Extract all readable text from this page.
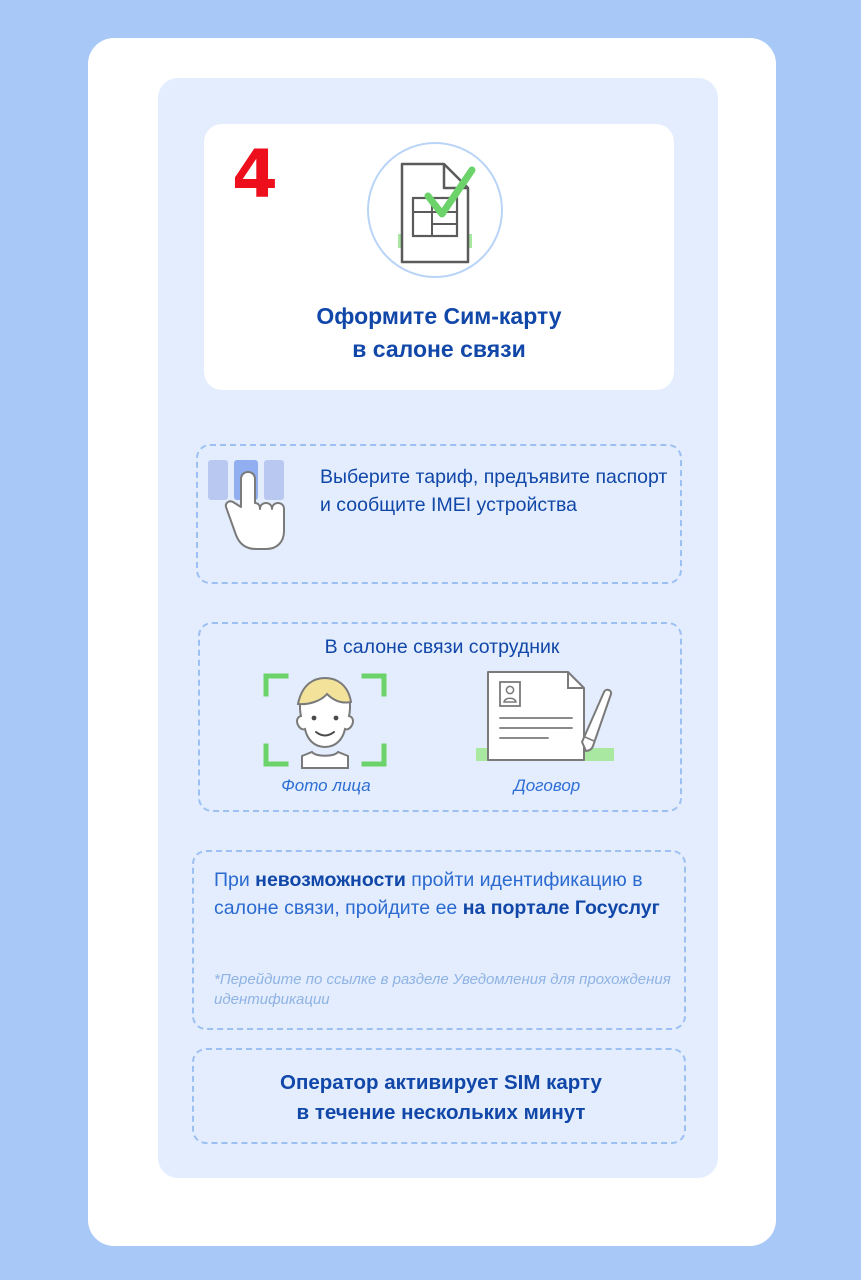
4
Оформите Сим-карту
в салоне связи
Выберите тариф, предъявите паспорт и сообщите IMEI устройства
В салоне связи сотрудник
Фото лица	Договор
При невозможности пройти идентификацию в салоне связи, пройдите ее на портале Госуслуг
*Перейдите по ссылке в разделе Уведомления для прохождения идентификации
Оператор активирует SIM карту
в течение нескольких минут
